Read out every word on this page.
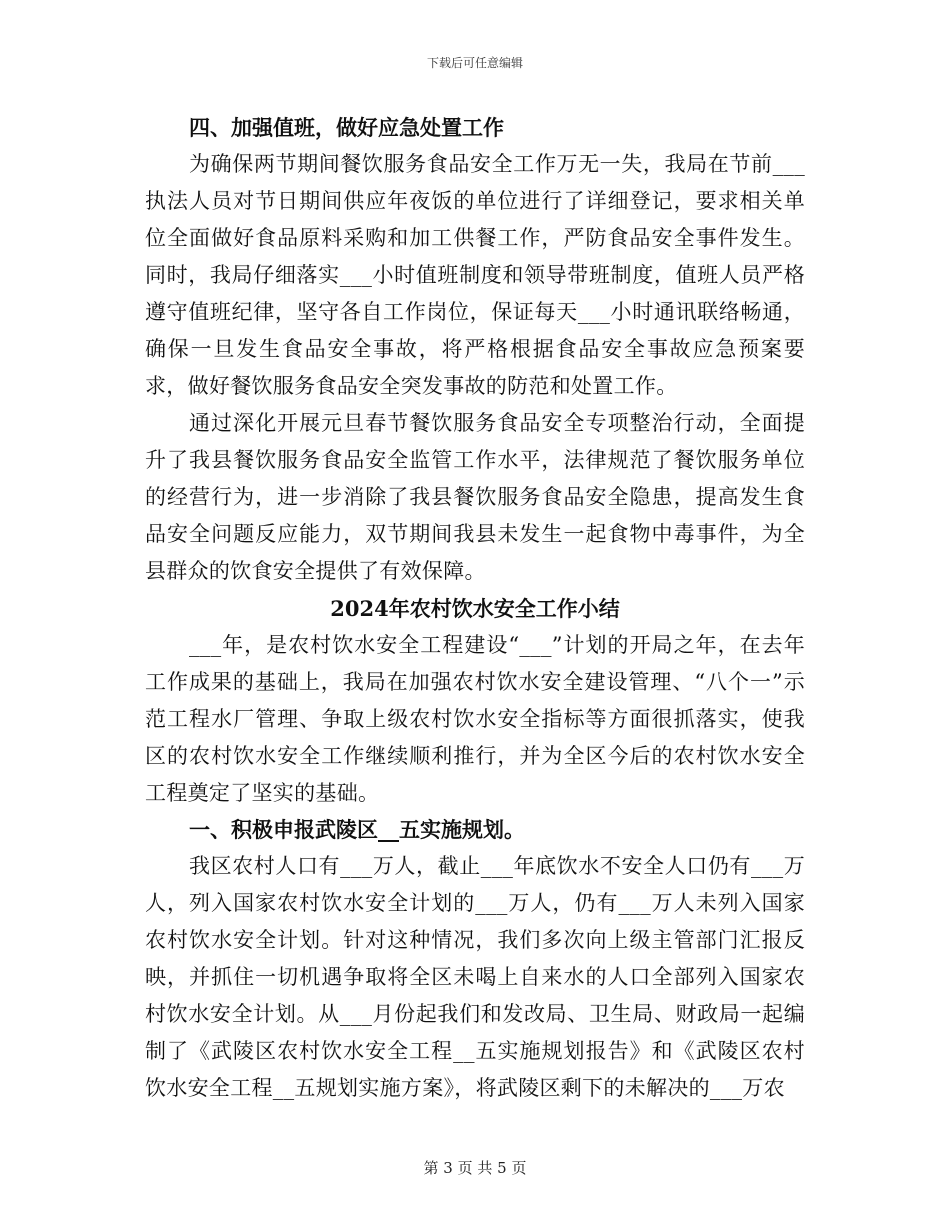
下载后可任意编辑
四、加强值班，做好应急处置工作

为确保两节期间餐饮服务食品安全工作万无一失，我局在节前___执法人员对节日期间供应年夜饭的单位进行了详细登记，要求相关单位全面做好食品原料采购和加工供餐工作，严防食品安全事件发生。同时，我局仔细落实___小时值班制度和领导带班制度，值班人员严格遵守值班纪律，坚守各自工作岗位，保证每天___小时通讯联络畅通，确保一旦发生食品安全事故，将严格根据食品安全事故应急预案要求，做好餐饮服务食品安全突发事故的防范和处置工作。

通过深化开展元旦春节餐饮服务食品安全专项整治行动，全面提升了我县餐饮服务食品安全监管工作水平，法律规范了餐饮服务单位的经营行为，进一步消除了我县餐饮服务食品安全隐患，提高发生食品安全问题反应能力，双节期间我县未发生一起食物中毒事件，为全县群众的饮食安全提供了有效保障。

2024年农村饮水安全工作小结

___年，是农村饮水安全工程建设“___”计划的开局之年，在去年工作成果的基础上，我局在加强农村饮水安全建设管理、“八个一”示范工程水厂管理、争取上级农村饮水安全指标等方面很抓落实，使我区的农村饮水安全工作继续顺利推行，并为全区今后的农村饮水安全工程奠定了坚实的基础。

一、积极申报武陵区__五实施规划。

我区农村人口有___万人，截止___年底饮水不安全人口仍有___万人，列入国家农村饮水安全计划的___万人，仍有___万人未列入国家农村饮水安全计划。针对这种情况，我们多次向上级主管部门汇报反映，并抓住一切机遇争取将全区未喝上自来水的人口全部列入国家农村饮水安全计划。从___月份起我们和发改局、卫生局、财政局一起编制了《武陵区农村饮水安全工程__五实施规划报告》和《武陵区农村饮水安全工程__五规划实施方案》，将武陵区剩下的未解决的___万农

第 3 页 共 5 页
